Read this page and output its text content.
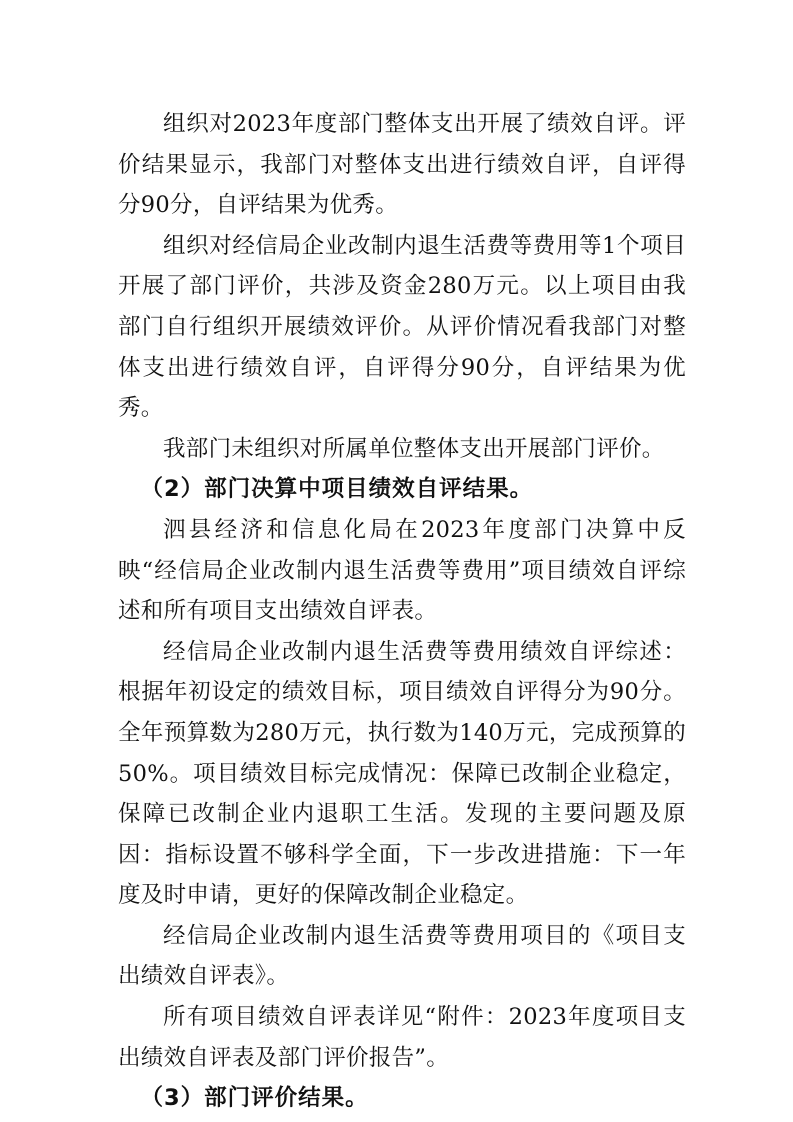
组织对2023年度部门整体支出开展了绩效自评。评价结果显示，我部门对整体支出进行绩效自评，自评得分90分，自评结果为优秀。

组织对经信局企业改制内退生活费等费用等1个项目开展了部门评价，共涉及资金280万元。以上项目由我部门自行组织开展绩效评价。从评价情况看我部门对整体支出进行绩效自评，自评得分90分，自评结果为优秀。

我部门未组织对所属单位整体支出开展部门评价。

（2）部门决算中项目绩效自评结果。

泗县经济和信息化局在2023年度部门决算中反映“经信局企业改制内退生活费等费用”项目绩效自评综述和所有项目支出绩效自评表。

经信局企业改制内退生活费等费用绩效自评综述：根据年初设定的绩效目标，项目绩效自评得分为90分。全年预算数为280万元，执行数为140万元，完成预算的50%。项目绩效目标完成情况：保障已改制企业稳定，保障已改制企业内退职工生活。发现的主要问题及原因：指标设置不够科学全面，下一步改进措施：下一年度及时申请，更好的保障改制企业稳定。

经信局企业改制内退生活费等费用项目的《项目支出绩效自评表》。

所有项目绩效自评表详见“附件：2023年度项目支出绩效自评表及部门评价报告”。

（3）部门评价结果。
